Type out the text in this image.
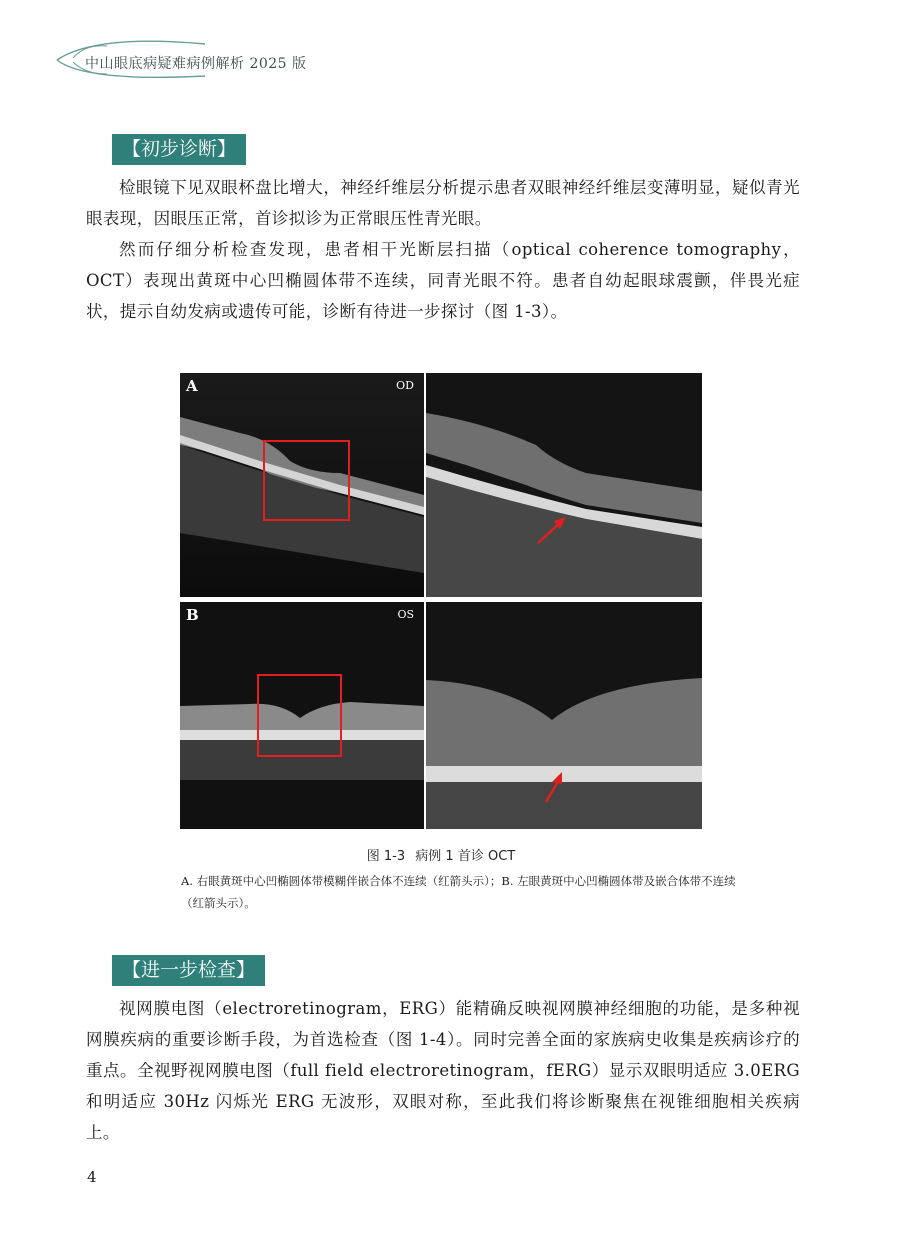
中山眼底病疑难病例解析 2025 版
【初步诊断】

检眼镜下见双眼杯盘比增大，神经纤维层分析提示患者双眼神经纤维层变薄明显，疑似青光眼表现，因眼压正常，首诊拟诊为正常眼压性青光眼。

然而仔细分析检查发现，患者相干光断层扫描（optical coherence tomography，OCT）表现出黄斑中心凹椭圆体带不连续，同青光眼不符。患者自幼起眼球震颤，伴畏光症状，提示自幼发病或遗传可能，诊断有待进一步探讨（图 1-3）。

A	OD
B	OS
图 1-3 病例 1 首诊 OCT
A. 右眼黄斑中心凹椭圆体带模糊伴嵌合体不连续（红箭头示）；B. 左眼黄斑中心凹椭圆体带及嵌合体带不连续（红箭头示）。
【进一步检查】

视网膜电图（electroretinogram，ERG）能精确反映视网膜神经细胞的功能，是多种视网膜疾病的重要诊断手段，为首选检查（图 1-4）。同时完善全面的家族病史收集是疾病诊疗的重点。全视野视网膜电图（full field electroretinogram，fERG）显示双眼明适应 3.0ERG 和明适应 30Hz 闪烁光 ERG 无波形，双眼对称，至此我们将诊断聚焦在视锥细胞相关疾病上。

4
